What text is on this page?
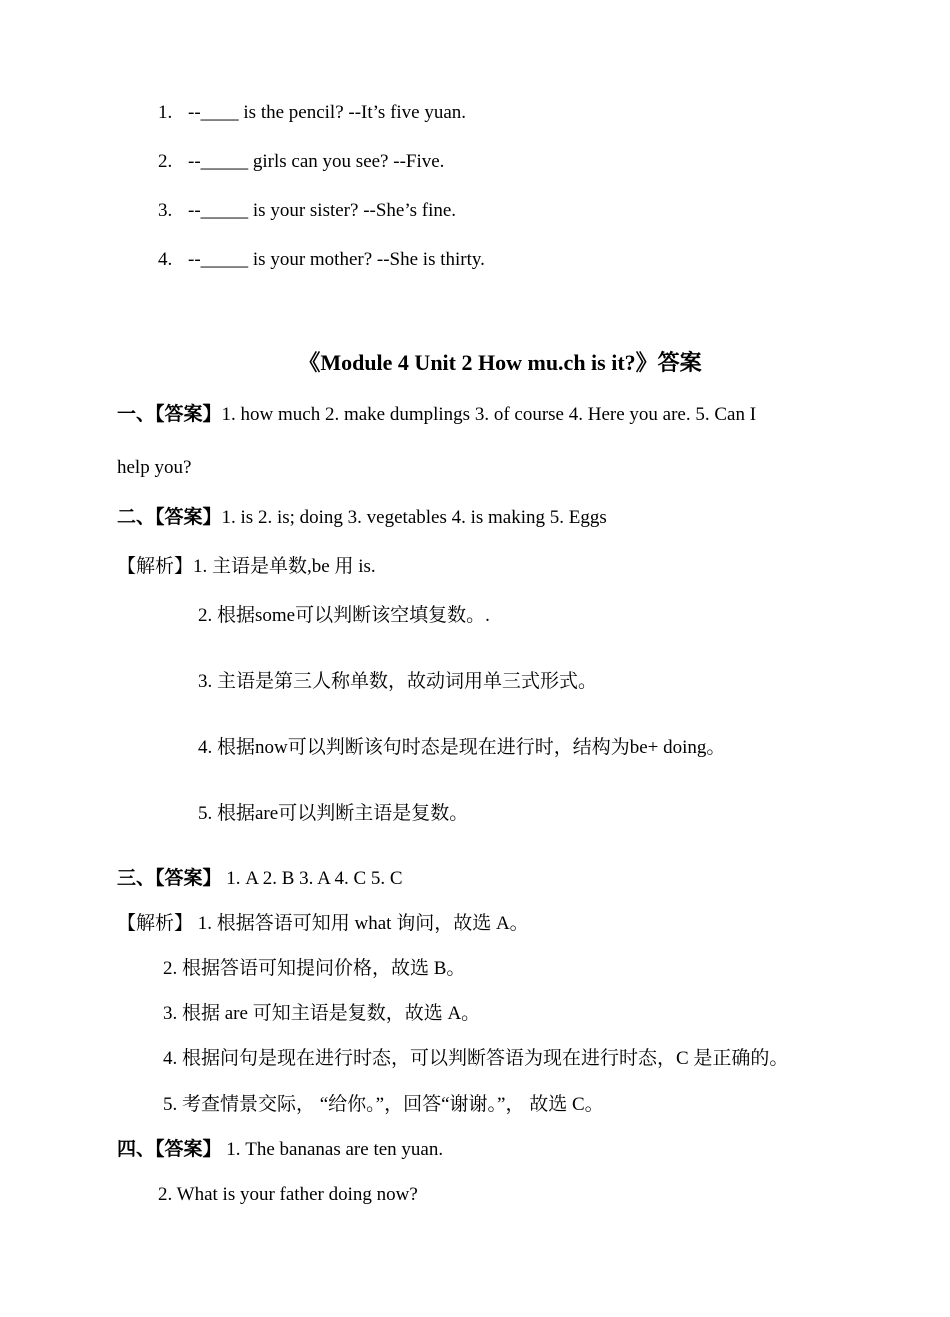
1. --____ is the pencil? --It’s five yuan.
2. --_____ girls can you see? --Five.
3. --_____ is your sister? --She’s fine.
4. --_____ is your mother? --She is thirty.
《Module 4 Unit 2 How mu.ch is it?》答案
一、【答案】1. how much 2. make dumplings 3. of course 4. Here you are. 5. Can I
help you?
二、【答案】1. is 2. is; doing 3. vegetables 4. is making 5. Eggs
【解析】1. 主语是单数,be 用 is.
2. 根据some可以判断该空填复数。.
3. 主语是第三人称单数，故动词用单三式形式。
4. 根据now可以判断该句时态是现在进行时，结构为be+ doing。
5. 根据are可以判断主语是复数。
三、【答案】 1. A 2. B 3. A 4. C 5. C
【解析】 1. 根据答语可知用 what 询问，故选 A。
2. 根据答语可知提问价格，故选 B。
3. 根据 are 可知主语是复数，故选 A。
4. 根据问句是现在进行时态，可以判断答语为现在进行时态，C 是正确的。
5. 考查情景交际， “给你。”，回答“谢谢。”， 故选 C。
四、【答案】 1. The bananas are ten yuan.
2. What is your father doing now?
